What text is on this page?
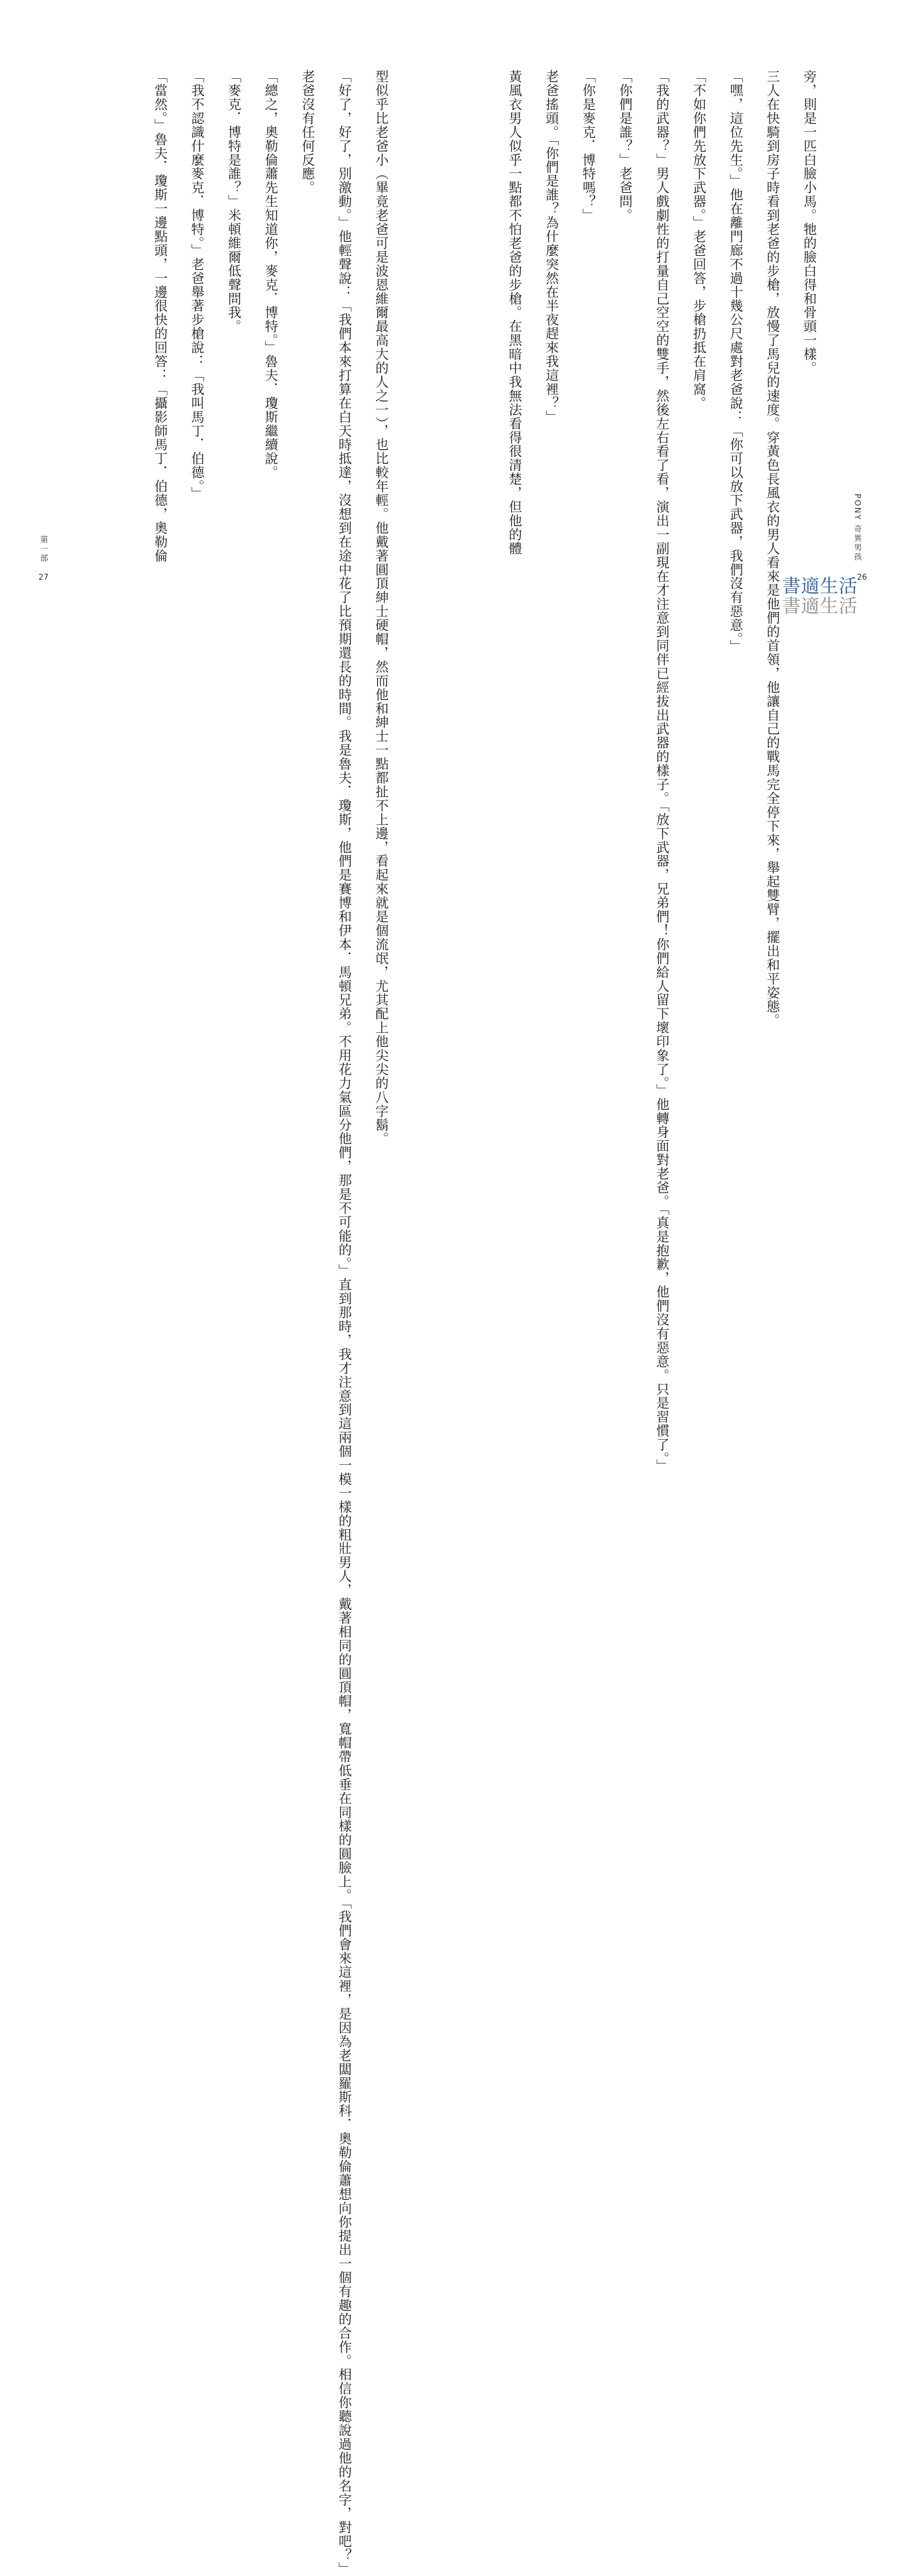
型似乎比老爸小（畢竟老爸可是波恩維爾最高大的人之一），也比較年輕。他戴著圓頂紳士硬帽，然而他和紳士一點都扯不上邊，看起來就是個流氓，尤其配上他尖尖的八字鬍。
「好了，好了，別激動。」他輕聲說：「我們本來打算在白天時抵達，沒想到在途中花了比預期還長的時間。我是魯夫．瓊斯，他們是賽博和伊本．馬頓兄弟。不用花力氣區分他們，那是不可能的。」直到那時，我才注意到這兩個一模一樣的粗壯男人，戴著相同的圓頂帽，寬帽帶低垂在同樣的圓臉上。「我們會來這裡，是因為老闆羅斯科．奧勒倫蕭想向你提出一個有趣的合作。相信你聽說過他的名字，對吧？」
老爸沒有任何反應。
「總之，奧勒倫蕭先生知道你，麥克．博特。」魯夫．瓊斯繼續說。
「麥克．博特是誰？」米頓維爾低聲問我。
「我不認識什麼麥克．博特。」老爸舉著步槍說：「我叫馬丁．伯德。」
「當然。」魯夫．瓊斯一邊點頭，一邊很快的回答：「攝影師馬丁．伯德，奧勒倫
第一部
27
旁，則是一匹白臉小馬。牠的臉白得和骨頭一樣。
三人在快騎到房子時看到老爸的步槍，放慢了馬兒的速度。穿黃色長風衣的男人看來是他們的首領，他讓自己的戰馬完全停下來，舉起雙臂，擺出和平姿態。
「嘿，這位先生。」他在離門廊不過十幾公尺處對老爸說：「你可以放下武器，我們沒有惡意。」
「不如你們先放下武器。」老爸回答，步槍扔抵在肩窩。
「我的武器？」男人戲劇性的打量自己空空的雙手，然後左右看了看，演出一副現在才注意到同伴已經拔出武器的樣子。「放下武器，兄弟們！你們給人留下壞印象了。」他轉身面對老爸。「真是抱歉，他們沒有惡意。只是習慣了。」
「你們是誰？」老爸問。
「你是麥克．博特嗎？」
老爸搖頭。「你們是誰？為什麼突然在半夜趕來我這裡？」
黃風衣男人似乎一點都不怕老爸的步槍。在黑暗中我無法看得很清楚，但他的體	PONY 奇異男孩
26
書適生活
書適生活
